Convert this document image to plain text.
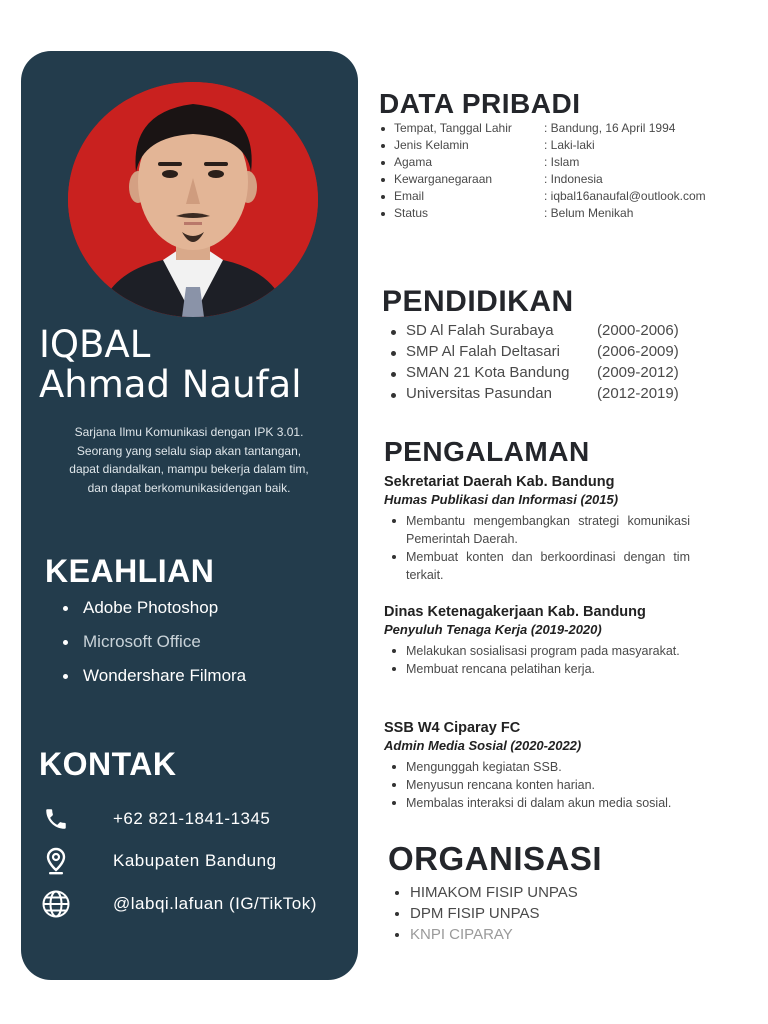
IQBAL
Ahmad Naufal
Sarjana Ilmu Komunikasi dengan IPK 3.01.
Seorang yang selalu siap akan tantangan,
dapat diandalkan, mampu bekerja dalam tim,
dan dapat berkomunikasidengan baik.
KEAHLIAN
Adobe Photoshop
Microsoft Office
Wondershare Filmora
KONTAK
+62 821-1841-1345
Kabupaten Bandung
@labqi.lafuan (IG/TikTok)
DATA PRIBADI
Tempat, Tanggal Lahir	: Bandung, 16 April 1994
Jenis Kelamin	: Laki-laki
Agama	: Islam
Kewarganegaraan	: Indonesia
Email	: iqbal16anaufal@outlook.com
Status	: Belum Menikah
PENDIDIKAN
SD Al Falah Surabaya	(2000-2006)
SMP Al Falah Deltasari	(2006-2009)
SMAN 21 Kota Bandung	(2009-2012)
Universitas Pasundan	(2012-2019)
PENGALAMAN
Sekretariat Daerah Kab. Bandung
Humas Publikasi dan Informasi (2015)
Membantu mengembangkan strategi komunikasi Pemerintah Daerah.
Membuat konten dan berkoordinasi dengan tim terkait.
Dinas Ketenagakerjaan Kab. Bandung
Penyuluh Tenaga Kerja (2019-2020)
Melakukan sosialisasi program pada masyarakat.
Membuat rencana pelatihan kerja.
SSB W4 Ciparay FC
Admin Media Sosial (2020-2022)
Mengunggah kegiatan SSB.
Menyusun rencana konten harian.
Membalas interaksi di dalam akun media sosial.
ORGANISASI
HIMAKOM FISIP UNPAS
DPM FISIP UNPAS
KNPI CIPARAY
